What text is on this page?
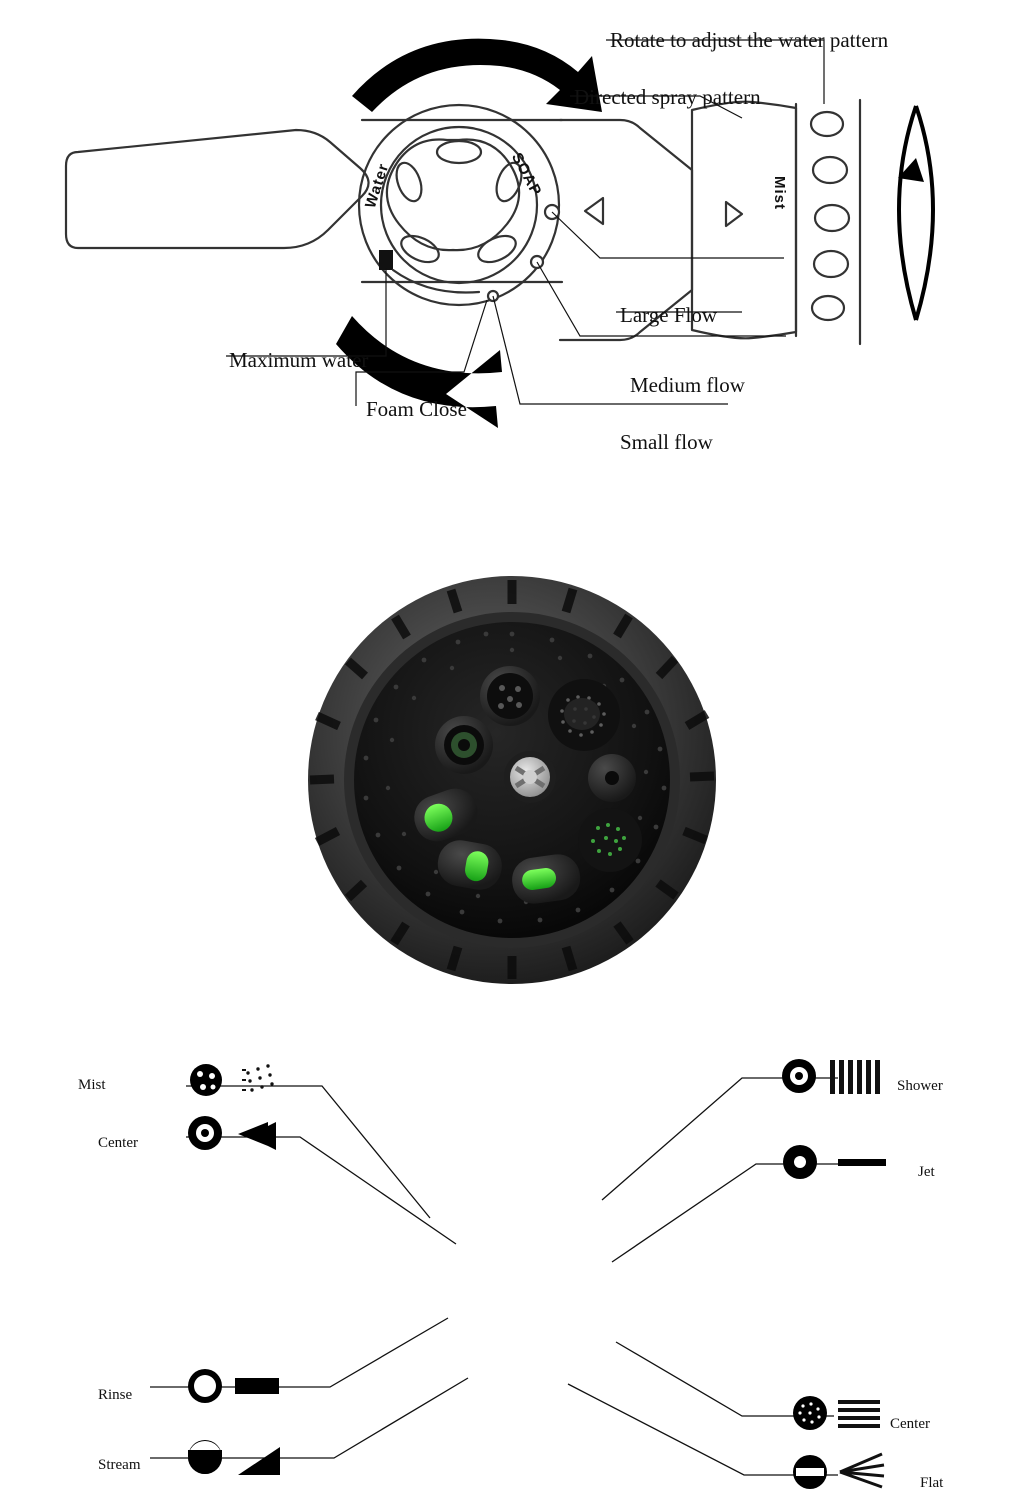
Rotate to adjust the water pattern
Directed spray pattern
Large Flow
Medium flow
Small flow
Maximum water
Foam Close
SOAP
Water	Mist
Mist
Center
Rinse
Stream
Shower
Jet
Center
Flat
